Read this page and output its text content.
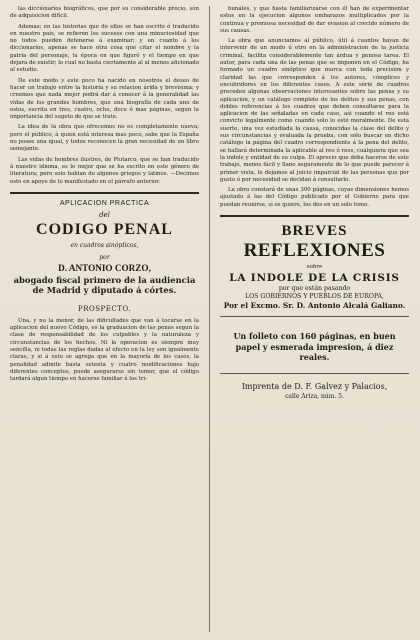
las diccionarios biográficos, que por su considerable precio, son de adquisicion difícil.

Ademas; en las historias que de ellos se han escrito ó traducido en nuestro país, se refieren los sucesos con una minuciosidad que no todos pueden detenerse á examinar; y en cuanto á los diccionarios, apenas se hace otra cosa que citar el nombre y la patria del personaje, la época en que figuró y el tiempo en que dejara de existir; lo cual no basta ciertamente al al menos aficionado al estudio.

De este modo y este poco ha nacido en nosotros el deseo de hacer un trabajo entre la historia y su relacion árida y brevisima; y creemos que nada mejor podrá dar á conocer á la generalidad las vidas de los grandes hombres, que una biografía de cada uno de estos, escrita en tres, cuatro, ocho, doce ó mas páginas, segun la importancia del sugeto de que se trate.

La idea de la obra que ofrecemos no es completamente nueva; pero el público, á quien está interesa mas poco, sabe que la España no posee una igual, y todos reconocen la gran necesidad de un libro semejante.

Las vidas de hombres ilustres, de Plutarco, que se han traducido á nuestro idioma, es lo mejor que se ha escrito en este género de literatura; pero solo hablan de algunos griegos y latinos. —Decimos esto en apoyo de lo manifestado en el párrafo anterior.

APLICACION PRACTICA
del
CODIGO PENAL
en cuadros sinópticos,
por
D. ANTONIO CORZO,
abogado fiscal primero de la audiencia de Madrid y diputado á córtes.
PROSPECTO.

Una, y no la menor, de las dificultades que van á tocarse en la aplicacion del nuevo Código, es la graduacion de las penas segun la clase de responsabilidad de los culpables y la naturaleza y circunstancias de los hechos. Ni la operacion es siempre muy sencilla, ni todas las reglas dadas al efecto en la ley son igualmente claras, y si á esto se agrega que en la mayoría de los casos, la penalidad admite hasta setenta y cuatro modificaciones hajo diferentes conceptos, puede asegurarse sin temor, que el código tardará algun tiempo en hacerse familiar á los tri-

bunales, y que hasta familiarizarse con él han de experimentar estos en la ejecucion algunos embarazos multiplicados por la continua y premiosa necesidad de dar evasion al crecido número de sus causas.

La obra que anunciamos al público, útil á cuantos hayan de intervenir de un modo ú otro en la administracion de la justicia criminal, facilita considerablemente tan árdua y penosa tarea. El autor, para cada una de las penas que se imponen en el Código, ha formado un cuadro sinóptico que marca con toda precision y claridad las que corresponden á los autores, cómplices y encubridores en los diferentes casos. A este série de cuadros preceden algunas observaciones interesantes sobre las penas y su aplicacion, y un catálogo completo de los delitos y sus penas, con dobles referencias á los cuadros que deben consultarse para la aplicacion de las señaladas en cada caso, asi cuando el reo está convicto legalmente como cuando solo lo esté moralmente. De esta suerte, una vez estudiada la causa, conocidas la clase del delito y sus circunstancias y evaluada la prueba, con solo buscar en dicho catálogo la página del cuadro correspondiente á la pena del delito, se hallará determinada la aplicable al reo ó reos, cualquiera que sea la indole y entidad de su culpa. El aprecio que deba hacerse de este trabajo, menos fácil y llano seguramente de lo que puede parecer á primer vista, lo dejamos al juicio imparcial de las personas que por gusto ó por necesidad se decidan á consultarlo.

La obra constará de unas 300 páginas, cuyas dimensiones hemos ajustado á las del Código publicado por el Gobierno para que puedan reunirse, si se quiere, los dos en un solo tomo.

BREVES
REFLEXIONES
sobre
LA INDOLE DE LA CRISIS
por que están pasando
LOS GOBIERNOS Y PUEBLOS DE EUROPA,
Por el Excmo. Sr. D. Antonio Alcalá Galiano.
Un folleto con 160 páginas, en buen papel y esmerada impresion, á diez reales.
Imprenta de D. F. Galvez y Palacios,
calle Ariza, núm. 5.
